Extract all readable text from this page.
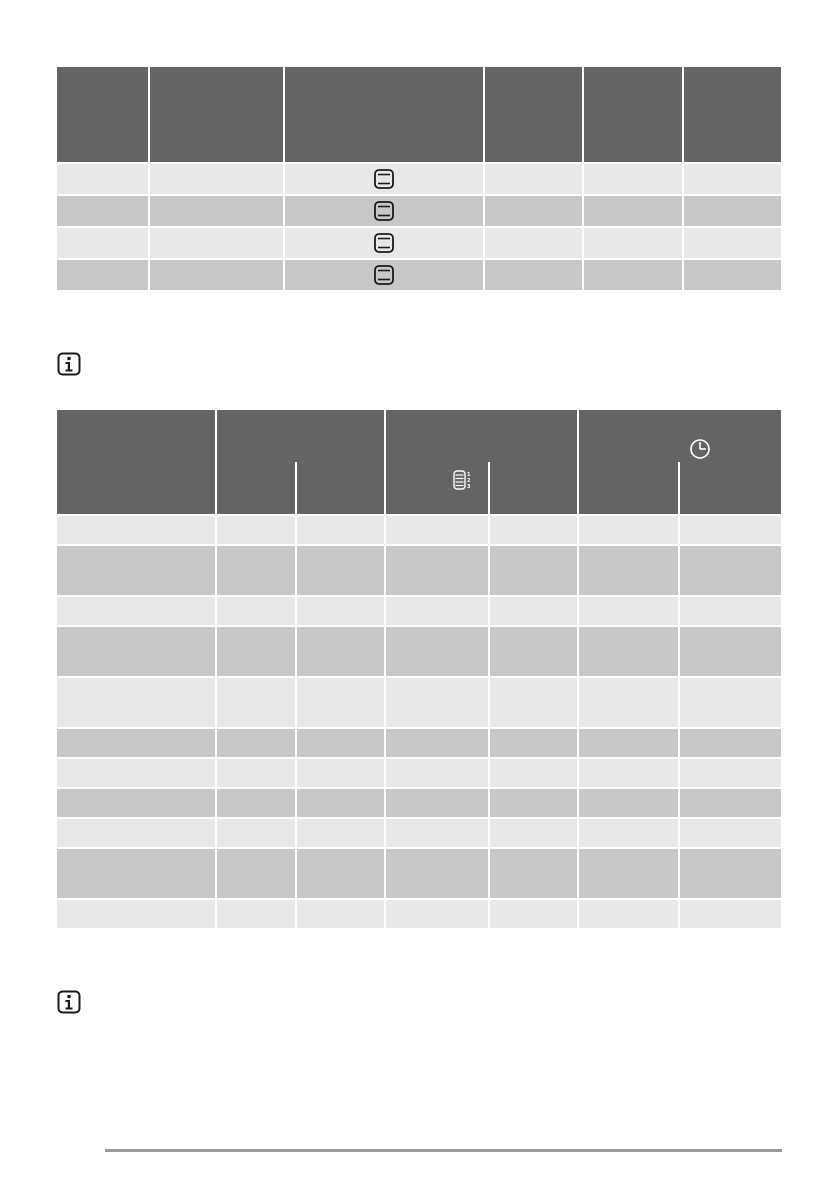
1
2
3			
